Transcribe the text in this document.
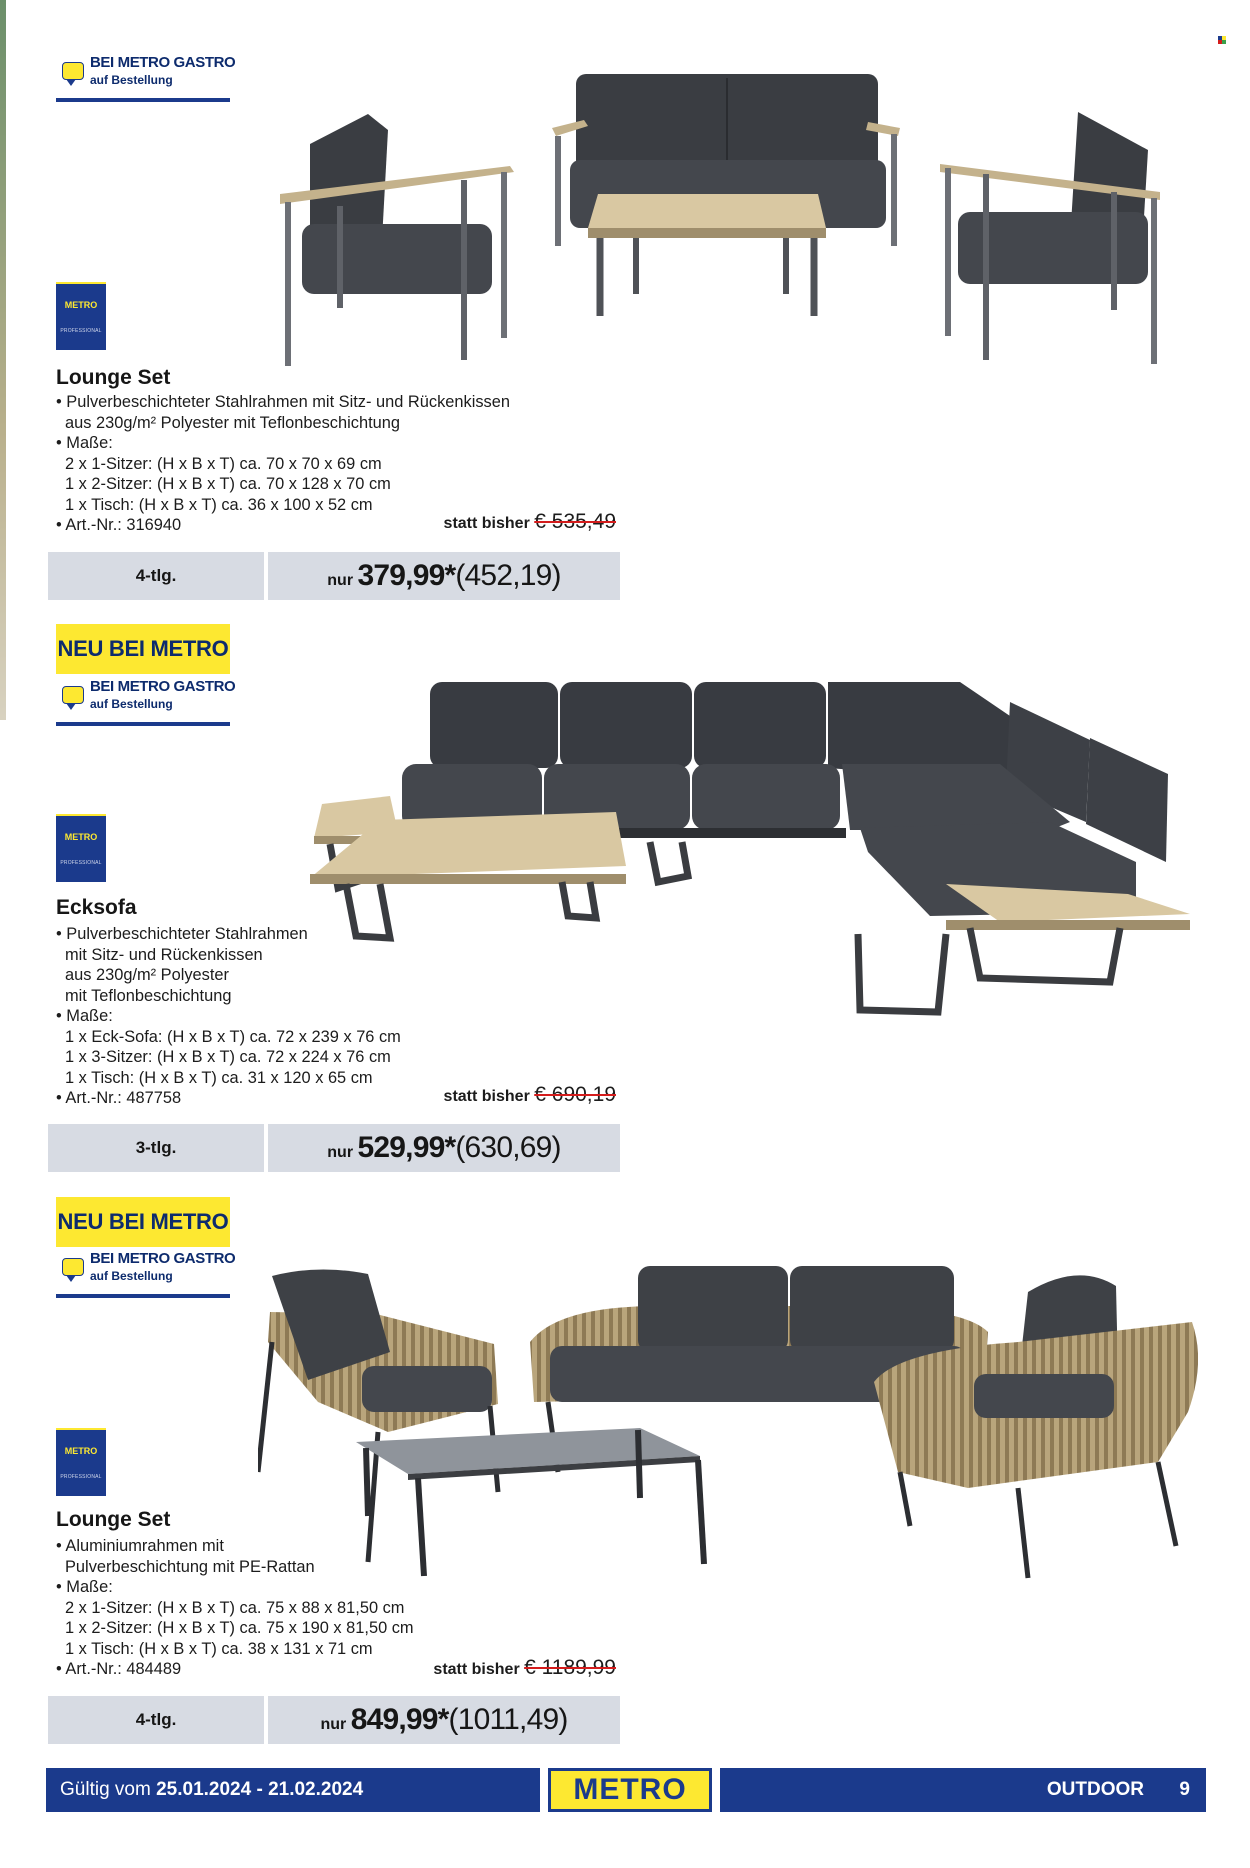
BEI METRO GASTRO
auf Bestellung
METRO
PROFESSIONAL
Lounge Set
• Pulverbeschichteter Stahlrahmen mit Sitz- und Rückenkissen
aus 230g/m² Polyester mit Teflonbeschichtung
• Maße:
2 x 1-Sitzer: (H x B x T) ca. 70 x 70 x 69 cm
1 x 2-Sitzer: (H x B x T) ca. 70 x 128 x 70 cm
1 x Tisch: (H x B x T) ca. 36 x 100 x 52 cm
• Art.-Nr.: 316940	statt bisher € 535,49
4-tlg.	nur 379,99*(452,19)
NEU BEI METRO
BEI METRO GASTRO
auf Bestellung
METRO
PROFESSIONAL
Ecksofa
• Pulverbeschichteter Stahlrahmen
mit Sitz- und Rückenkissen
aus 230g/m² Polyester
mit Teflonbeschichtung
• Maße:
1 x Eck-Sofa: (H x B x T) ca. 72 x 239 x 76 cm
1 x 3-Sitzer: (H x B x T) ca. 72 x 224 x 76 cm
1 x Tisch: (H x B x T) ca. 31 x 120 x 65 cm
• Art.-Nr.: 487758	statt bisher € 690,19
3-tlg.	nur 529,99*(630,69)
NEU BEI METRO
BEI METRO GASTRO
auf Bestellung
METRO
PROFESSIONAL
Lounge Set
• Aluminiumrahmen mit
Pulverbeschichtung mit PE-Rattan
• Maße:
2 x 1-Sitzer: (H x B x T) ca. 75 x 88 x 81,50 cm
1 x 2-Sitzer: (H x B x T) ca. 75 x 190 x 81,50 cm
1 x Tisch: (H x B x T) ca. 38 x 131 x 71 cm
• Art.-Nr.: 484489	statt bisher € 1189,99
4-tlg.	nur 849,99*(1011,49)
Gültig vom 25.01.2024 - 21.02.2024	METRO	OUTDOOR 9
